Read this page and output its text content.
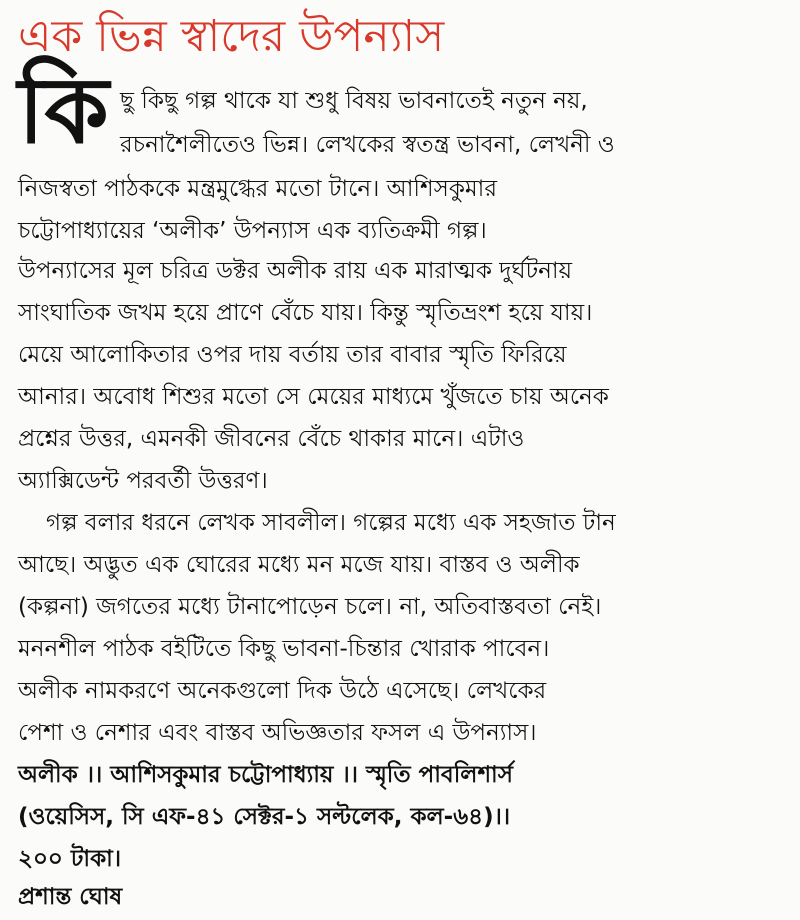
এক ভিন্ন স্বাদের উপন্যাস
কি ছু কিছু গল্প থাকে যা শুধু বিষয় ভাবনাতেই নতুন নয়,
রচনাশৈলীতেও ভিন্ন। লেখকের স্বতন্ত্র ভাবনা, লেখনী ও
নিজস্বতা পাঠককে মন্ত্রমুগ্ধের মতো টানে। আশিসকুমার
চট্টোপাধ্যায়ের ‘অলীক’ উপন্যাস এক ব্যতিক্রমী গল্প।
উপন্যাসের মূল চরিত্র ডক্টর অলীক রায় এক মারাত্মক দুর্ঘটনায়
সাংঘাতিক জখম হয়ে প্রাণে বেঁচে যায়। কিন্তু স্মৃতিভ্রংশ হয়ে যায়।
মেয়ে আলোকিতার ওপর দায় বর্তায় তার বাবার স্মৃতি ফিরিয়ে
আনার। অবোধ শিশুর মতো সে মেয়ের মাধ্যমে খুঁজতে চায় অনেক
প্রশ্নের উত্তর, এমনকী জীবনের বেঁচে থাকার মানে। এটাও
অ্যাক্সিডেন্ট পরবর্তী উত্তরণ।
গল্প বলার ধরনে লেখক সাবলীল। গল্পের মধ্যে এক সহজাত টান
আছে। অদ্ভুত এক ঘোরের মধ্যে মন মজে যায়। বাস্তব ও অলীক
(কল্পনা) জগতের মধ্যে টানাপোড়েন চলে। না, অতিবাস্তবতা নেই।
মননশীল পাঠক বইটিতে কিছু ভাবনা-চিন্তার খোরাক পাবেন।
অলীক নামকরণে অনেকগুলো দিক উঠে এসেছে। লেখকের
পেশা ও নেশার এবং বাস্তব অভিজ্ঞতার ফসল এ উপন্যাস।
অলীক ।। আশিসকুমার চট্টোপাধ্যায় ।। স্মৃতি পাবলিশার্স
(ওয়েসিস, সি এফ-৪১ সেক্টর-১ সল্টলেক, কল-৬৪)।।
২০০ টাকা।
প্রশান্ত ঘোষ
